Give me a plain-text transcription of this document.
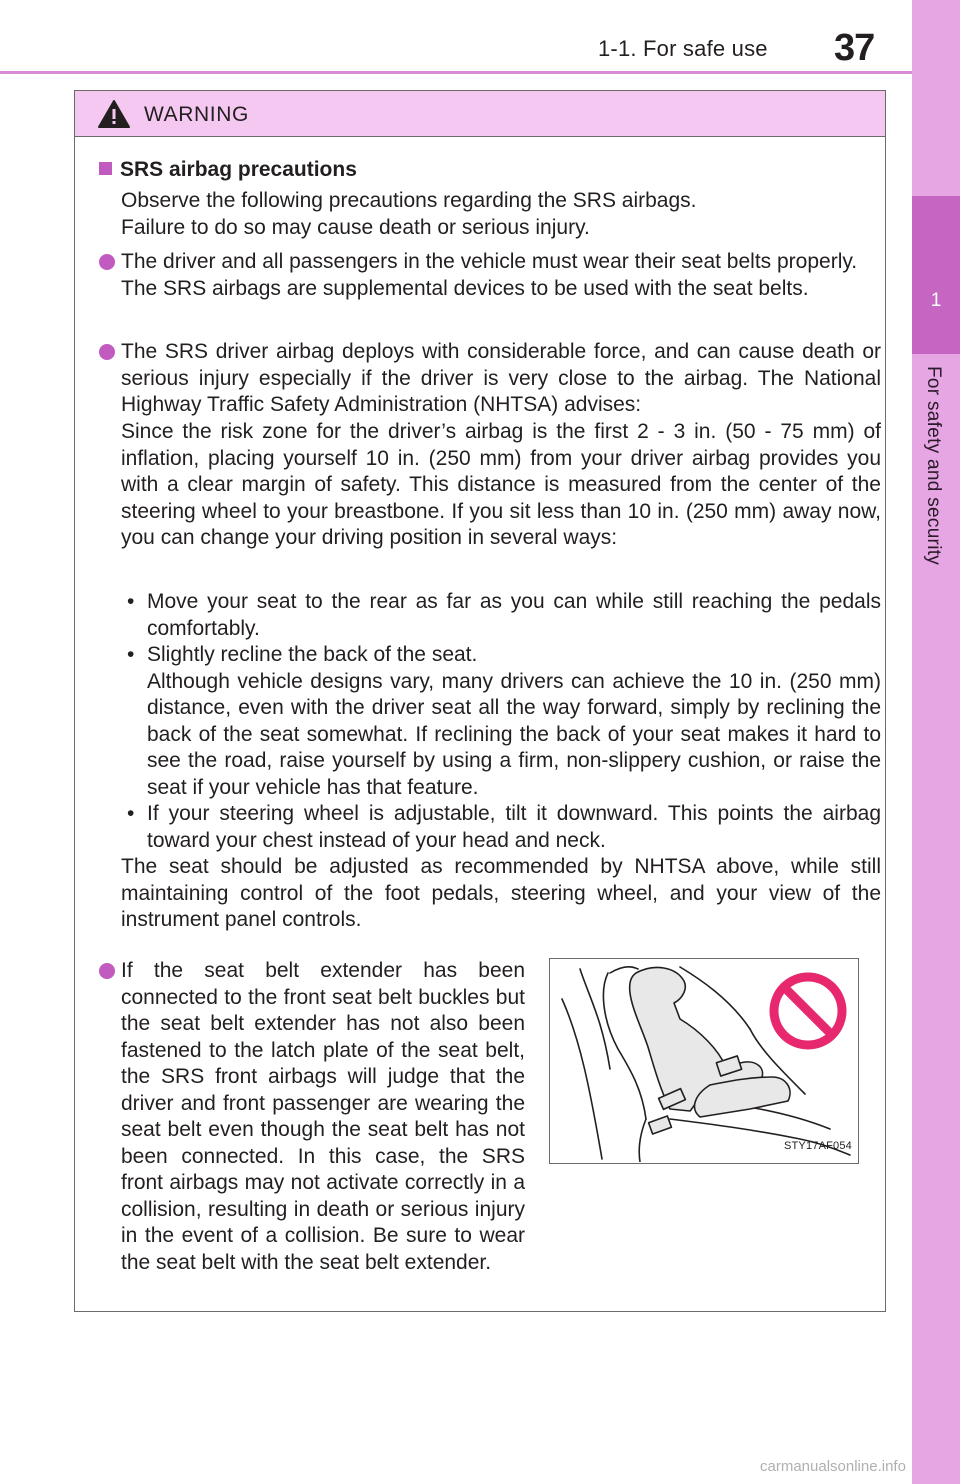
1-1. For safe use 37
1
For safety and security
WARNING
SRS airbag precautions

Observe the following precautions regarding the SRS airbags.

Failure to do so may cause death or serious injury.

The driver and all passengers in the vehicle must wear their seat belts properly.

The SRS airbags are supplemental devices to be used with the seat belts.

The SRS driver airbag deploys with considerable force, and can cause death or serious injury especially if the driver is very close to the airbag. The National Highway Traffic Safety Administration (NHTSA) advises:
Since the risk zone for the driver’s airbag is the first 2 - 3 in. (50 - 75 mm) of inflation, placing yourself 10 in. (250 mm) from your driver airbag provides you with a clear margin of safety. This distance is measured from the center of the steering wheel to your breastbone. If you sit less than 10 in. (250 mm) away now, you can change your driving position in several ways:

• Move your seat to the rear as far as you can while still reaching the pedals comfortably.

• Slightly recline the back of the seat.

Although vehicle designs vary, many drivers can achieve the 10 in. (250 mm) distance, even with the driver seat all the way forward, simply by reclining the back of the seat somewhat. If reclining the back of your seat makes it hard to see the road, raise yourself by using a firm, non-slippery cushion, or raise the seat if your vehicle has that feature.

• If your steering wheel is adjustable, tilt it downward. This points the airbag toward your chest instead of your head and neck.

The seat should be adjusted as recommended by NHTSA above, while still maintaining control of the foot pedals, steering wheel, and your view of the instrument panel controls.
If the seat belt extender has been connected to the front seat belt buckles but the seat belt extender has not also been fastened to the latch plate of the seat belt, the SRS front airbags will judge that the driver and front passenger are wearing the seat belt even though the seat belt has not been connected. In this case, the SRS front airbags may not activate correctly in a collision, resulting in death or serious injury in the event of a collision. Be sure to wear the seat belt with the seat belt extender.
STY17AF054
carmanualsonline.info
